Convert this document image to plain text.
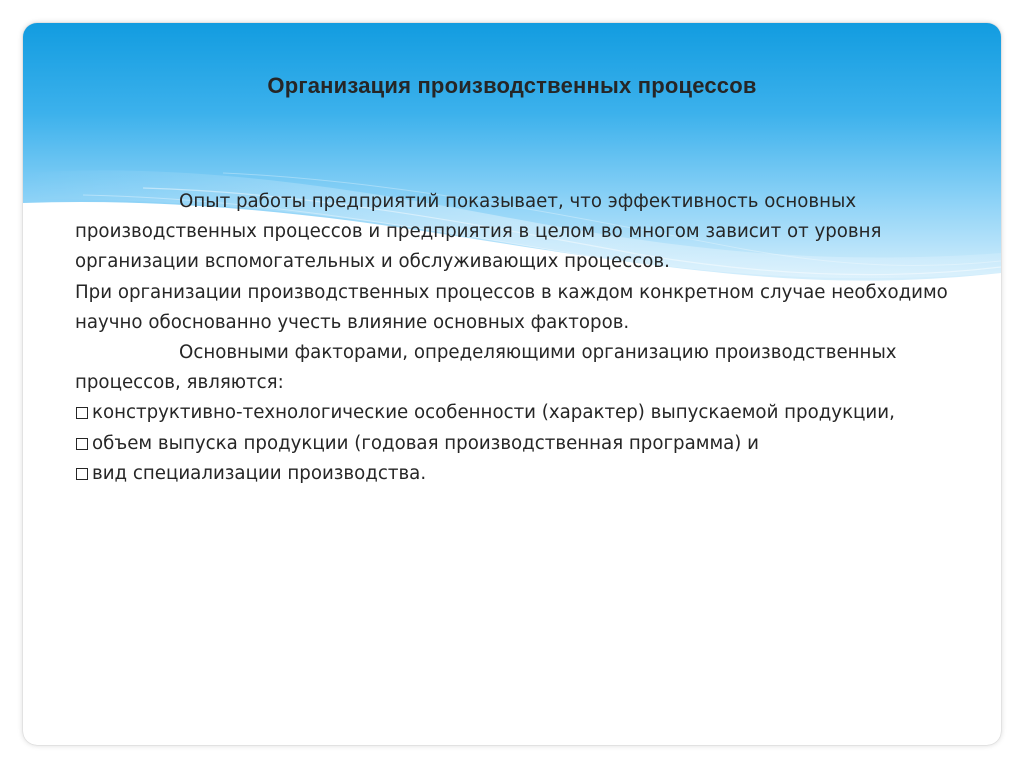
Организация производственных процессов

Опыт работы предприятий показывает, что эффективность основных производственных процессов и предприятия в целом во многом зависит от уровня организации вспомогательных и обслуживающих процессов.

При организации производственных процессов в каждом конкретном случае необходимо научно обоснованно учесть влияние основных факторов.

Основными факторами, определяющими организацию производственных процессов, являются:

конструктивно-технологические особенности (характер) выпускаемой продукции,
объем выпуска продукции (годовая производственная программа) и
вид специализации производства.
